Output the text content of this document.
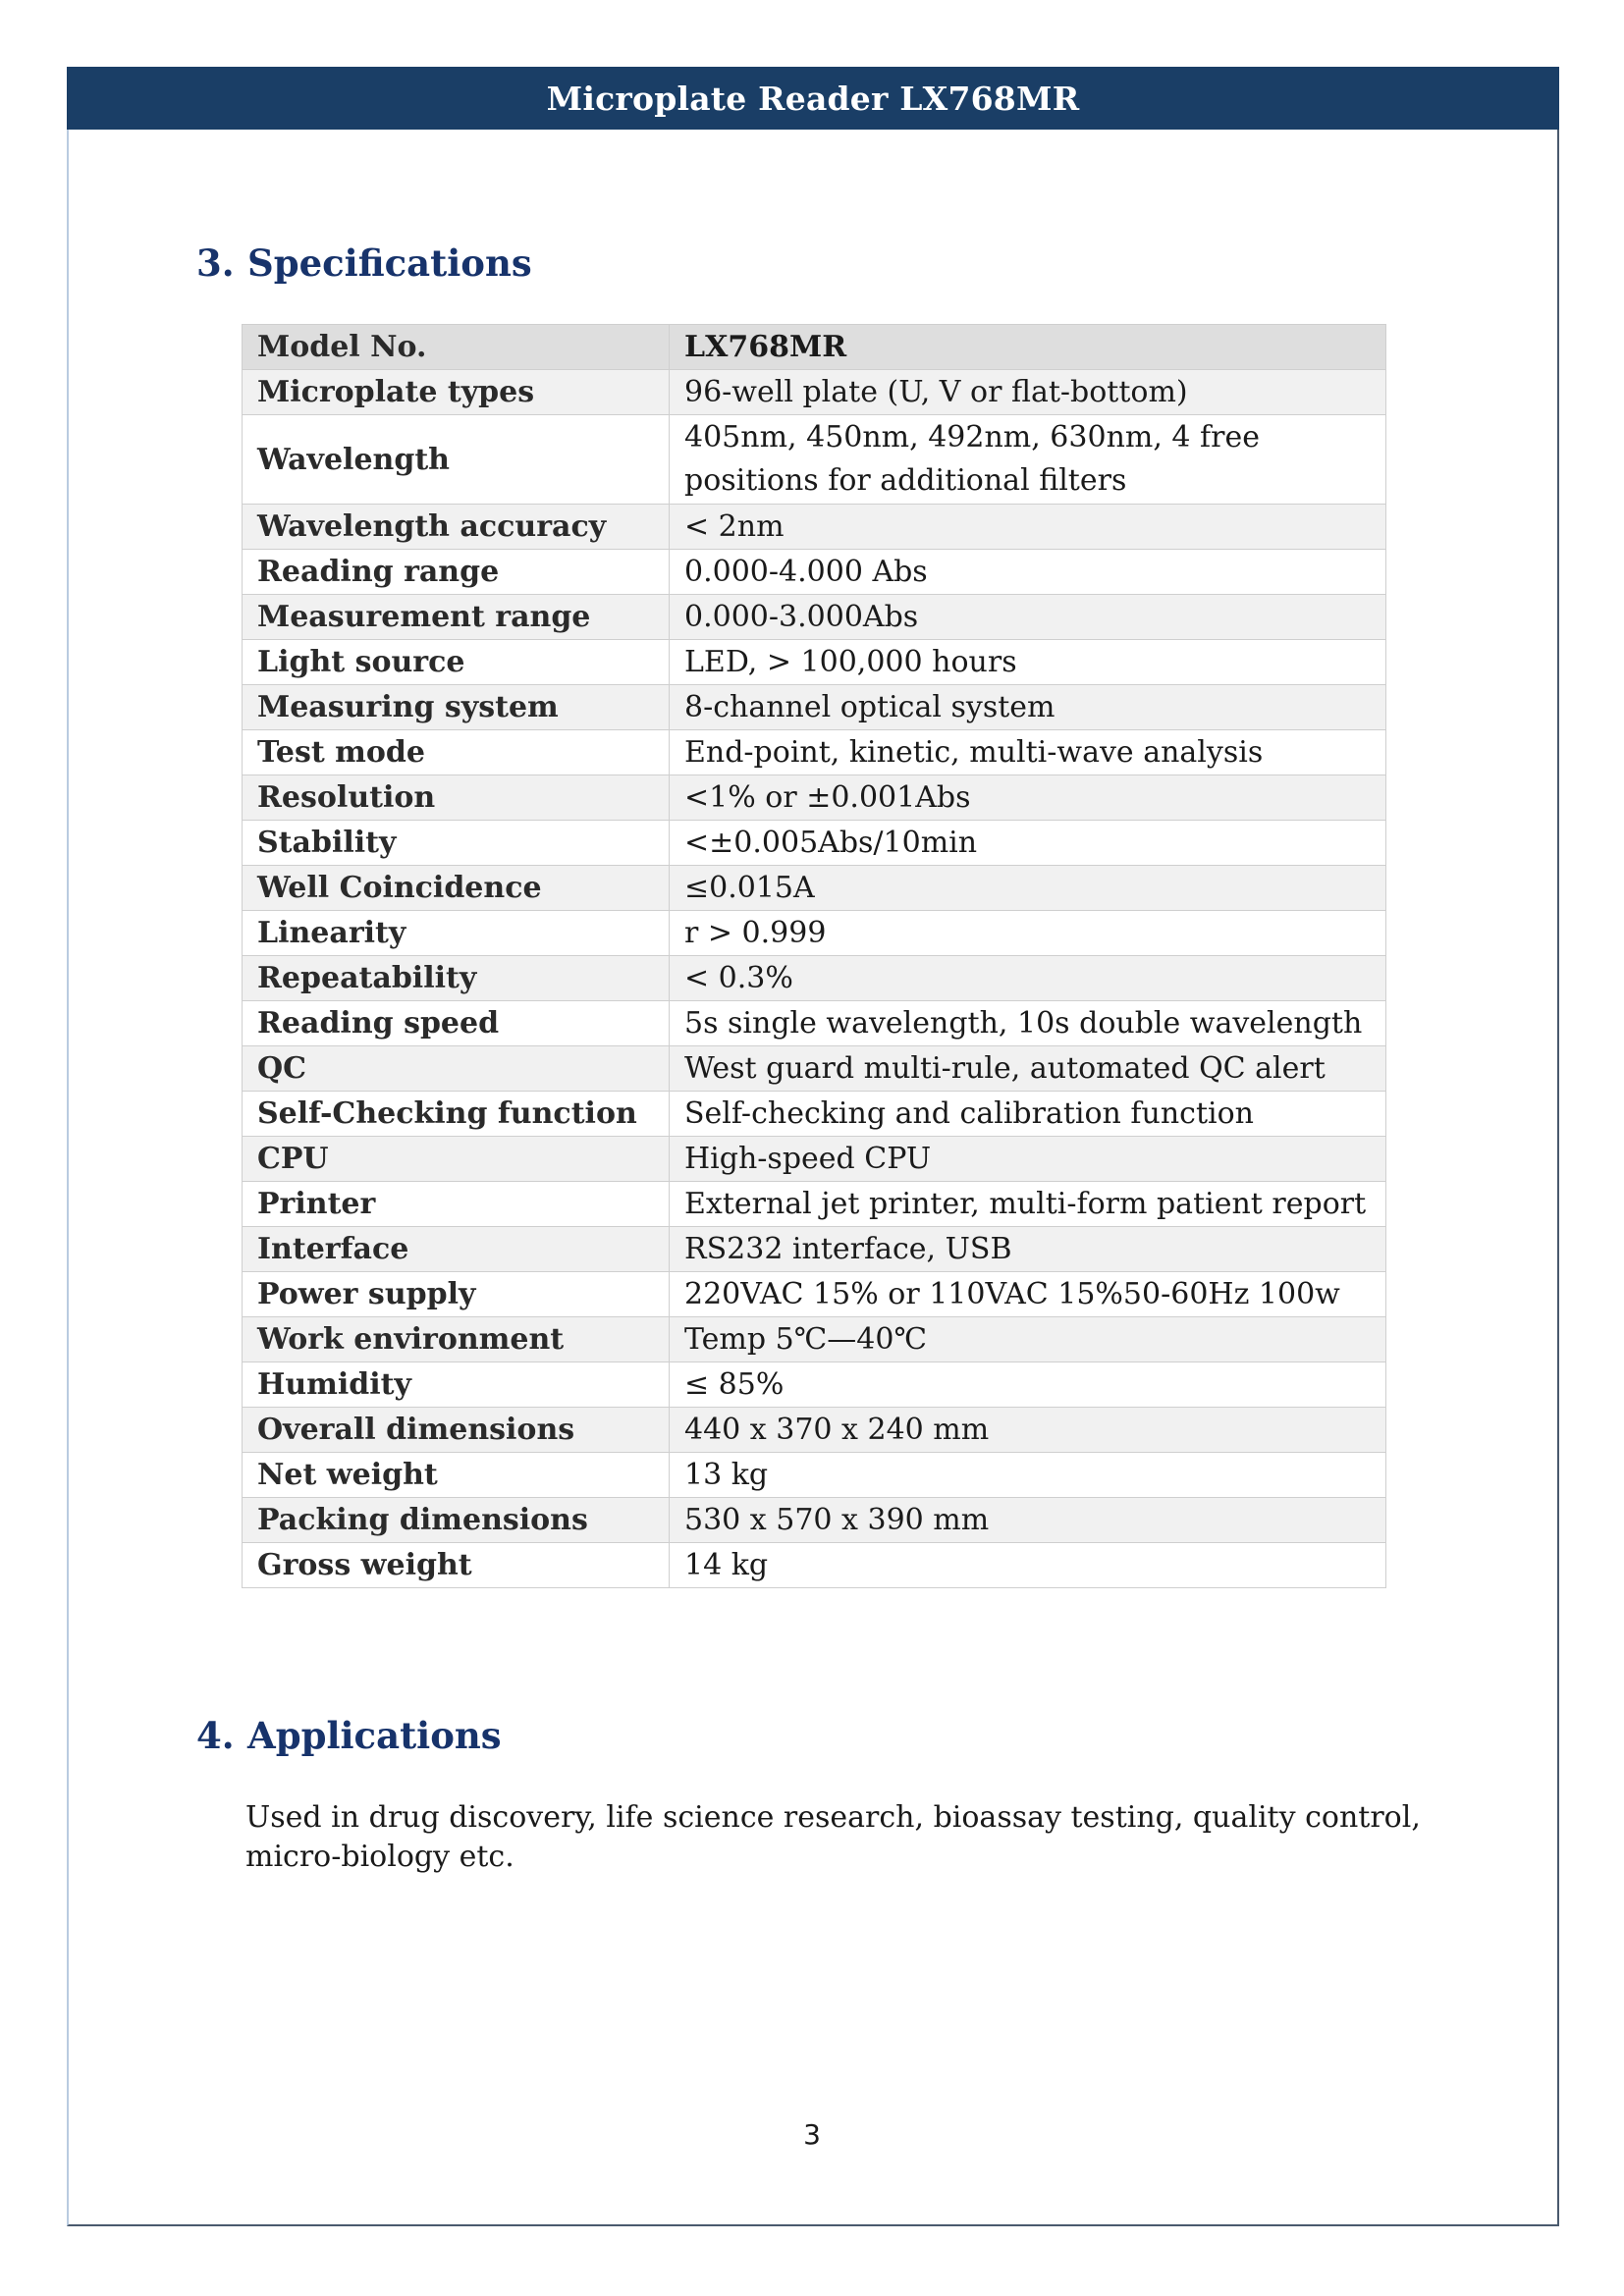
Microplate Reader LX768MR
3. Specifications
Model No.	LX768MR
Microplate types	96-well plate (U, V or flat-bottom)
Wavelength	405nm, 450nm, 492nm, 630nm, 4 free positions for additional filters
Wavelength accuracy	< 2nm
Reading range	0.000-4.000 Abs
Measurement range	0.000-3.000Abs
Light source	LED, > 100,000 hours
Measuring system	8-channel optical system
Test mode	End-point, kinetic, multi-wave analysis
Resolution	<1% or ±0.001Abs
Stability	<±0.005Abs/10min
Well Coincidence	≤0.015A
Linearity	r > 0.999
Repeatability	< 0.3%
Reading speed	5s single wavelength, 10s double wavelength
QC	West guard multi-rule, automated QC alert
Self-Checking function	Self-checking and calibration function
CPU	High-speed CPU
Printer	External jet printer, multi-form patient report
Interface	RS232 interface, USB
Power supply	220VAC 15% or 110VAC 15%50-60Hz 100w
Work environment	Temp 5℃—40℃
Humidity	≤ 85%
Overall dimensions	440 x 370 x 240 mm
Net weight	13 kg
Packing dimensions	530 x 570 x 390 mm
Gross weight	14 kg
4. Applications
Used in drug discovery, life science research, bioassay testing, quality control, micro-biology etc.
3
